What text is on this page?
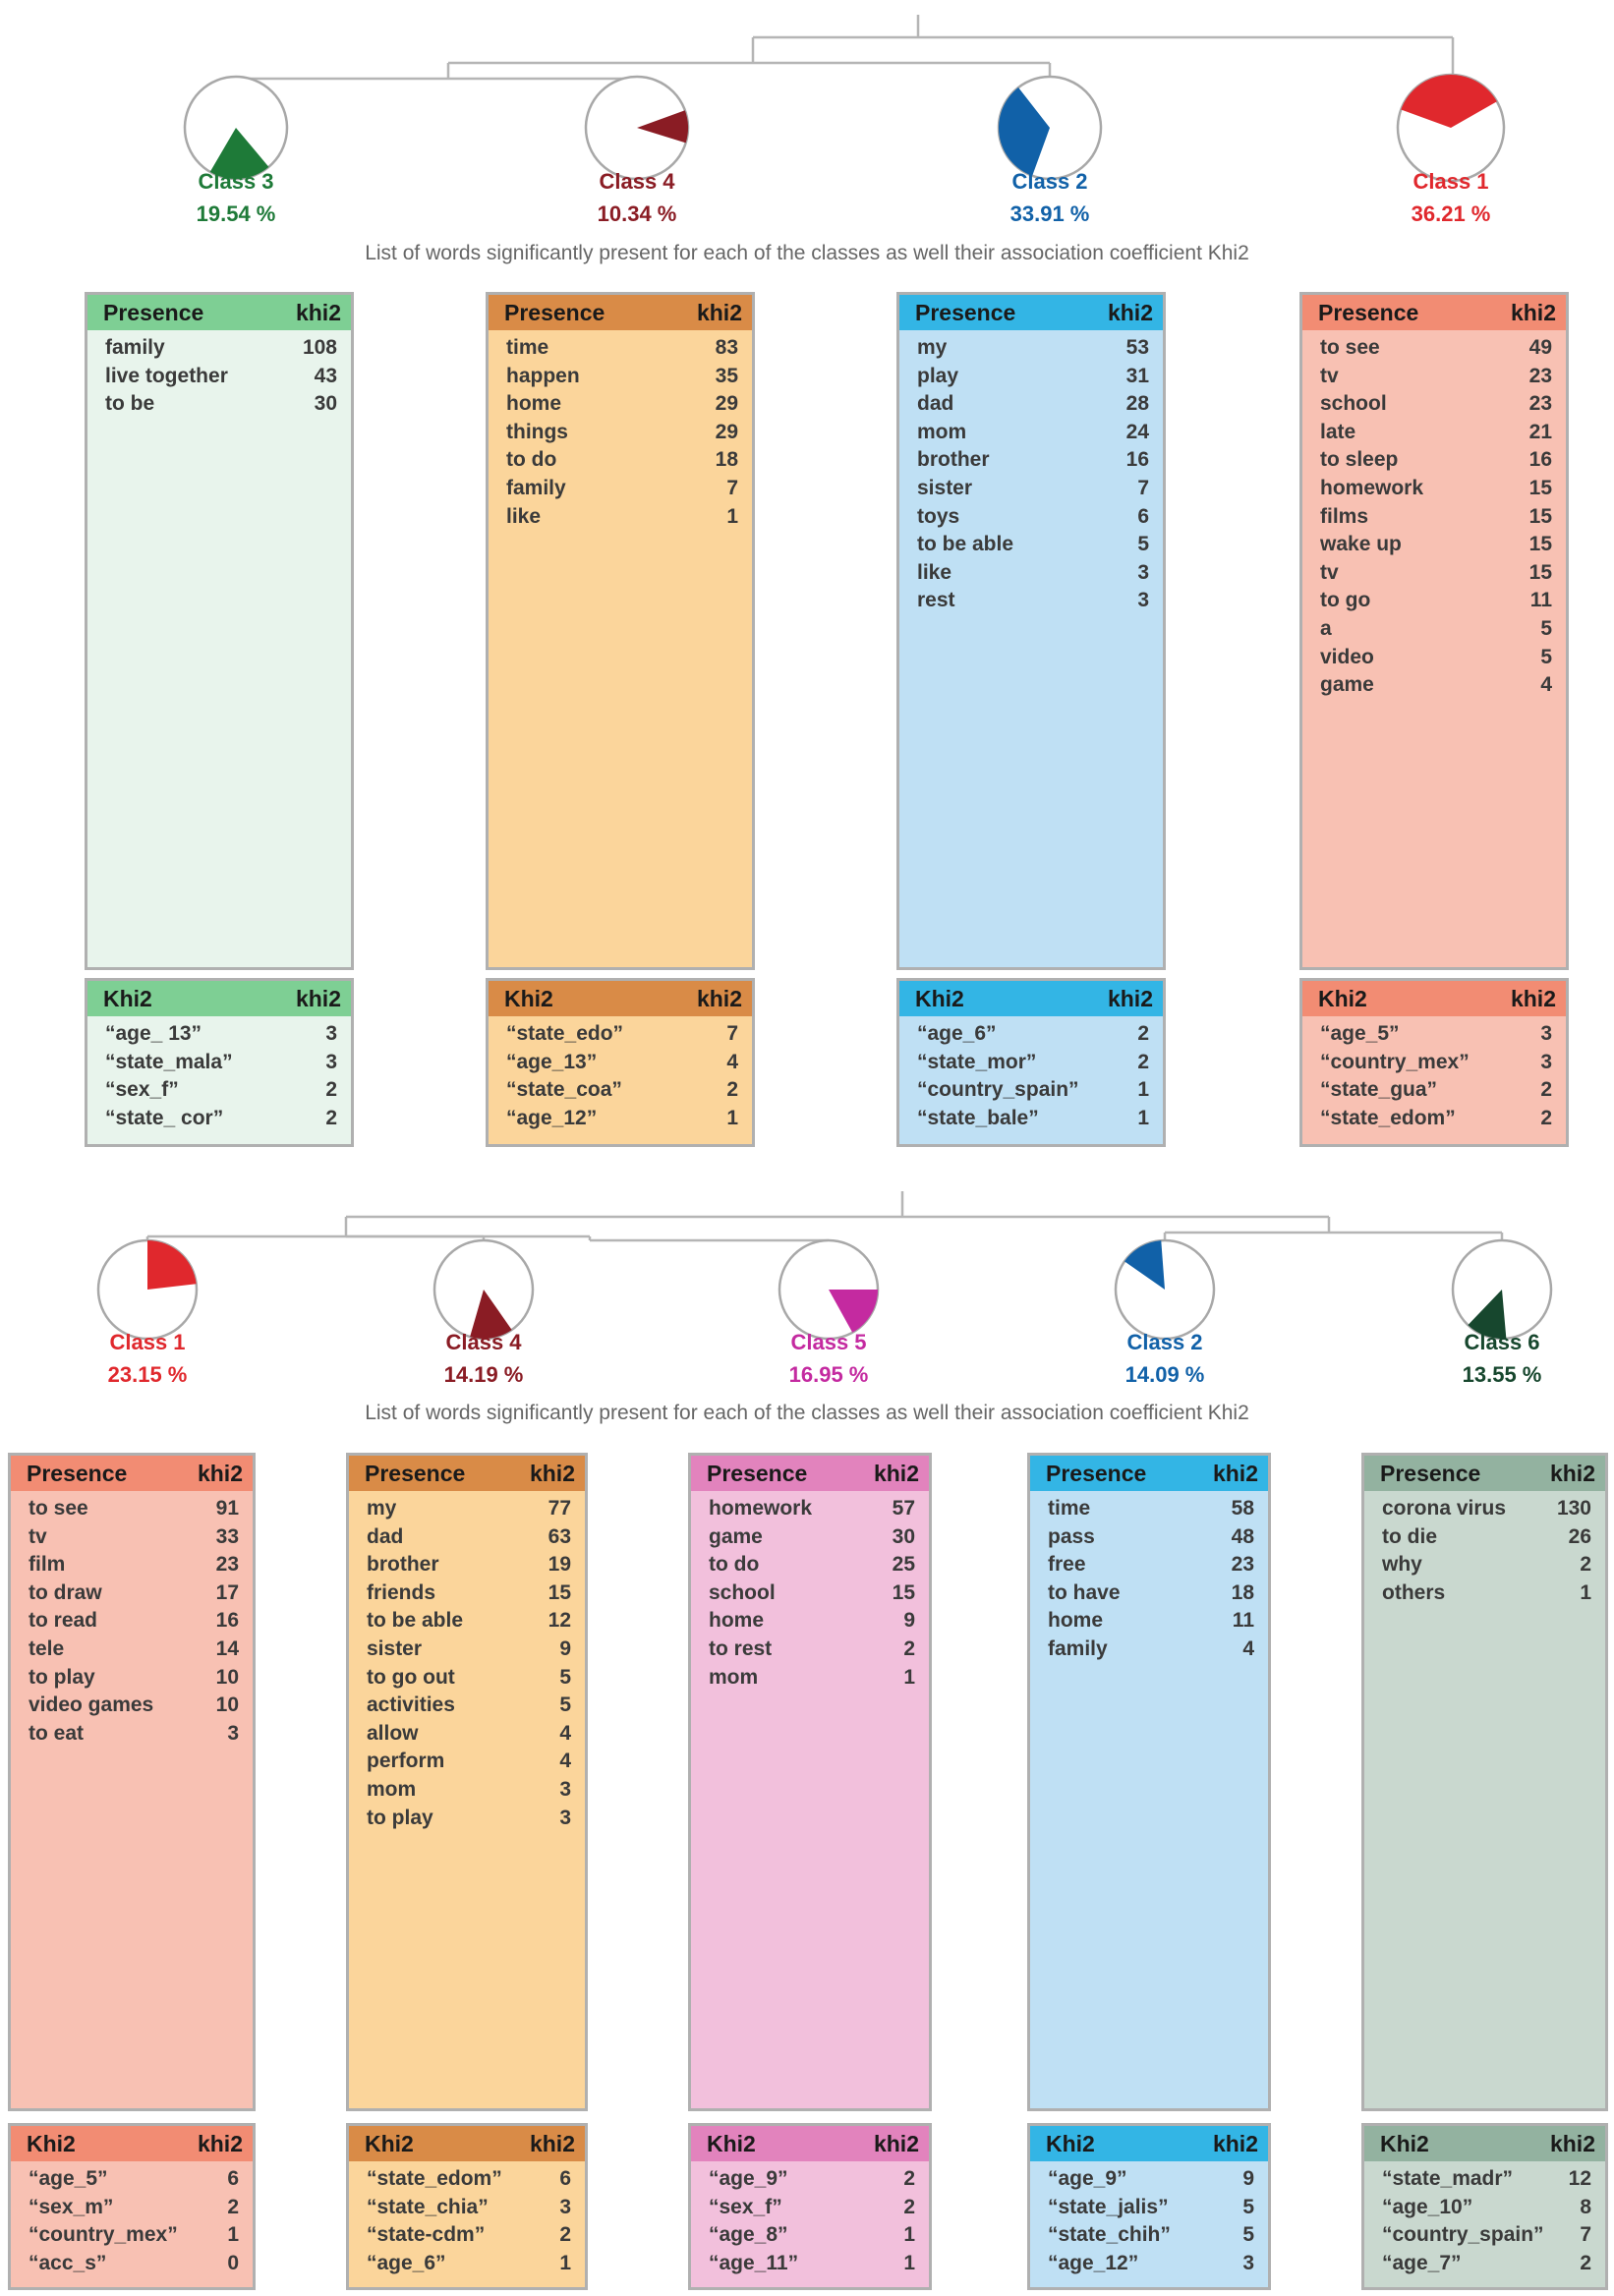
List of words significantly present for each of the classes as well their association coefficient Khi2
Class 3
19.54 %
Presence	khi2
family	108
live together	43
to be	30
Khi2	khi2
“age_ 13”	3
“state_mala”	3
“sex_f”	2
“state_ cor”	2
Class 4
10.34 %
Presence	khi2
time	83
happen	35
home	29
things	29
to do	18
family	7
like	1
Khi2	khi2
“state_edo”	7
“age_13”	4
“state_coa”	2
“age_12”	1
Class 2
33.91 %
Presence	khi2
my	53
play	31
dad	28
mom	24
brother	16
sister	7
toys	6
to be able	5
like	3
rest	3
Khi2	khi2
“age_6”	2
“state_mor”	2
“country_spain”	1
“state_bale”	1
Class 1
36.21 %
Presence	khi2
to see	49
tv	23
school	23
late	21
to sleep	16
homework	15
films	15
wake up	15
tv	15
to go	11
a	5
video	5
game	4
Khi2	khi2
“age_5”	3
“country_mex”	3
“state_gua”	2
“state_edom”	2
List of words significantly present for each of the classes as well their association coefficient Khi2
Class 1
23.15 %
Presence	khi2
to see	91
tv	33
film	23
to draw	17
to read	16
tele	14
to play	10
video games	10
to eat	3
Khi2	khi2
“age_5”	6
“sex_m”	2
“country_mex” 1
“acc_s”	0
Class 4
14.19 %
Presence	khi2
my	77
dad	63
brother	19
friends	15
to be able	12
sister	9
to go out	5
activities	5
allow	4
perform	4
mom	3
to play	3
Khi2	khi2
“state_edom”	6
“state_chia”	3
“state-cdm”	2
“age_6”	1
Class 5
16.95 %
Presence	khi2
homework	57
game	30
to do	25
school	15
home	9
to rest	2
mom	1
Khi2	khi2
“age_9”	2
“sex_f”	2
“age_8”	1
“age_11”	1
Class 2
14.09 %
Presence	khi2
time	58
pass	48
free	23
to have	18
home	11
family	4
Khi2	khi2
“age_9”	9
“state_jalis”	5
“state_chih”	5
“age_12”	3
Class 6
13.55 %
Presence	khi2
corona virus 130
to die	26
why	2
others	1
Khi2	khi2
“state_madr”	12
“age_10”	8
“country_spain” 7
“age_7”	2
